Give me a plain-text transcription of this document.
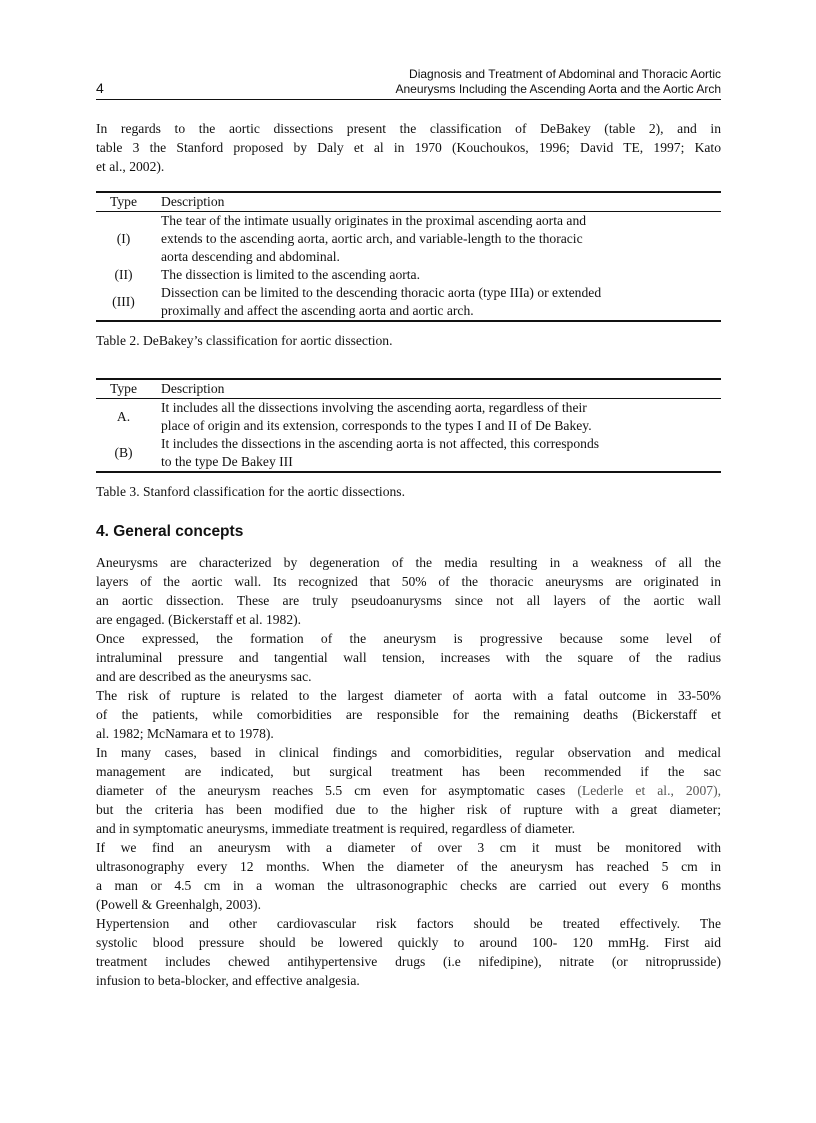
4
Diagnosis and Treatment of Abdominal and Thoracic Aortic
Aneurysms Including the Ascending Aorta and the Aortic Arch
In regards to the aortic dissections present the classification of DeBakey (table 2), and in
table 3 the Stanford proposed by Daly et al in 1970 (Kouchoukos, 1996; David TE, 1997; Kato
et al., 2002).
Type	Description
(I)	The tear of the intimate usually originates in the proximal ascending aorta and
extends to the ascending aorta, aortic arch, and variable-length to the thoracic
aorta descending and abdominal.

(II)	The dissection is limited to the ascending aorta.

(III)	Dissection can be limited to the descending thoracic aorta (type IIIa) or extended
proximally and affect the ascending aorta and aortic arch.
Table 2. DeBakey’s classification for aortic dissection.
Type	Description
A.	It includes all the dissections involving the ascending aorta, regardless of their
place of origin and its extension, corresponds to the types I and II of De Bakey.

(B)	It includes the dissections in the ascending aorta is not affected, this corresponds
to the type De Bakey III
Table 3. Stanford classification for the aortic dissections.
4. General concepts
Aneurysms are characterized by degeneration of the media resulting in a weakness of all the
layers of the aortic wall. Its recognized that 50% of the thoracic aneurysms are originated in
an aortic dissection. These are truly pseudoanurysms since not all layers of the aortic wall
are engaged. (Bickerstaff et al. 1982).
Once expressed, the formation of the aneurysm is progressive because some level of
intraluminal pressure and tangential wall tension, increases with the square of the radius
and are described as the aneurysms sac.
The risk of rupture is related to the largest diameter of aorta with a fatal outcome in 33-50%
of the patients, while comorbidities are responsible for the remaining deaths (Bickerstaff et
al. 1982; McNamara et to 1978).
In many cases, based in clinical findings and comorbidities, regular observation and medical
management are indicated, but surgical treatment has been recommended if the sac
diameter of the aneurysm reaches 5.5 cm even for asymptomatic cases (Lederle et al., 2007),
but the criteria has been modified due to the higher risk of rupture with a great diameter;
and in symptomatic aneurysms, immediate treatment is required, regardless of diameter.
If we find an aneurysm with a diameter of over 3 cm it must be monitored with
ultrasonography every 12 months. When the diameter of the aneurysm has reached 5 cm in
a man or 4.5 cm in a woman the ultrasonographic checks are carried out every 6 months
(Powell & Greenhalgh, 2003).
Hypertension and other cardiovascular risk factors should be treated effectively. The
systolic blood pressure should be lowered quickly to around 100- 120 mmHg. First aid
treatment includes chewed antihypertensive drugs (i.e nifedipine), nitrate (or nitroprusside)
infusion to beta-blocker, and effective analgesia.
